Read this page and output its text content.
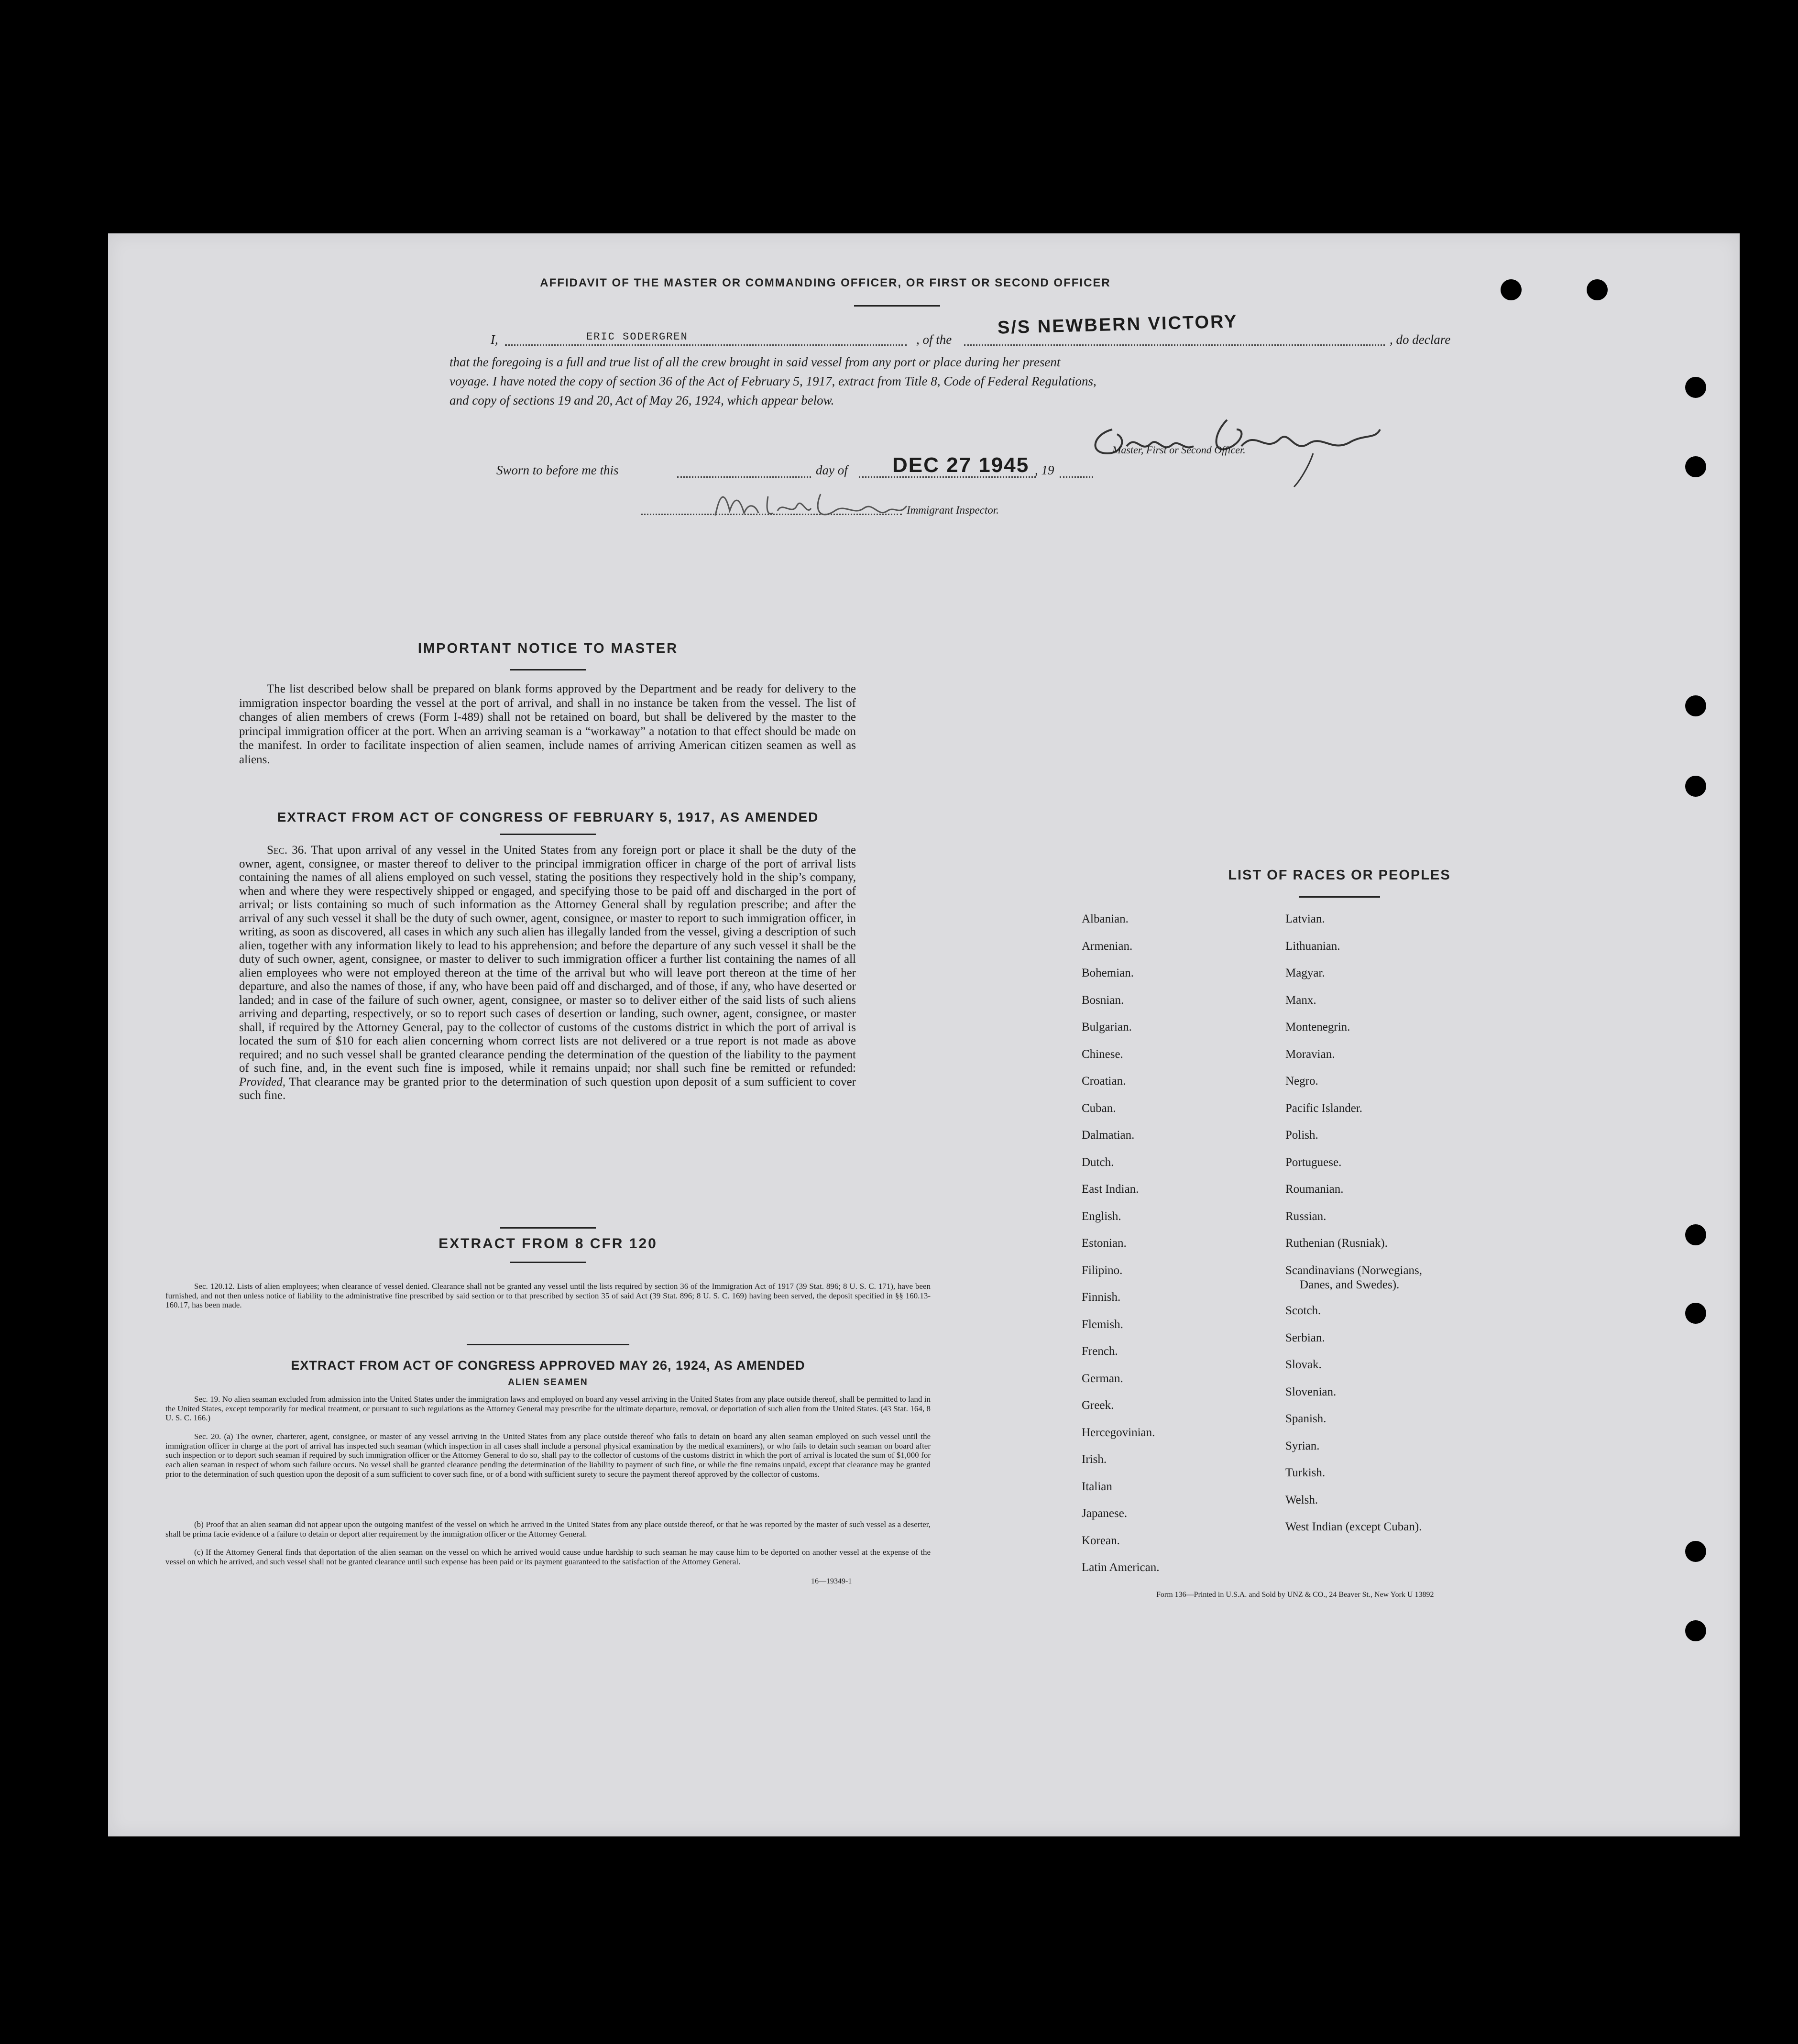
AFFIDAVIT OF THE MASTER OR COMMANDING OFFICER, OR FIRST OR SECOND OFFICER
I,	ERIC SODERGREN	, of the
S/S NEWBERN VICTORY
, do declare
that the foregoing is a full and true list of all the crew brought in said vessel from any port or place during her present
voyage. I have noted the copy of section 36 of the Act of February 5, 1917, extract from Title 8, Code of Federal Regulations,
and copy of sections 19 and 20, Act of May 26, 1924, which appear below.
Master, First or Second Officer.
Sworn to before me this	day of DEC 27 1945 , 19
Immigrant Inspector.
IMPORTANT NOTICE TO MASTER
The list described below shall be prepared on blank forms approved by the Department and be ready for delivery to the immigration inspector boarding the vessel at the port of arrival, and shall in no instance be taken from the vessel. The list of changes of alien members of crews (Form I-489) shall not be retained on board, but shall be delivered by the master to the principal immigration officer at the port. When an arriving seaman is a “workaway” a notation to that effect should be made on the manifest. In order to facilitate inspection of alien seamen, include names of arriving American citizen seamen as well as aliens.
EXTRACT FROM ACT OF CONGRESS OF FEBRUARY 5, 1917, AS AMENDED
Sec. 36. That upon arrival of any vessel in the United States from any foreign port or place it shall be the duty of the owner, agent, consignee, or master thereof to deliver to the principal immigration officer in charge of the port of arrival lists containing the names of all aliens employed on such vessel, stating the positions they respectively hold in the ship’s company, when and where they were respectively shipped or engaged, and specifying those to be paid off and discharged in the port of arrival; or lists containing so much of such information as the Attorney General shall by regulation prescribe; and after the arrival of any such vessel it shall be the duty of such owner, agent, consignee, or master to report to such immigration officer, in writing, as soon as discovered, all cases in which any such alien has illegally landed from the vessel, giving a description of such alien, together with any information likely to lead to his apprehension; and before the departure of any such vessel it shall be the duty of such owner, agent, consignee, or master to deliver to such immigration officer a further list containing the names of all alien employees who were not employed thereon at the time of the arrival but who will leave port thereon at the time of her departure, and also the names of those, if any, who have been paid off and discharged, and of those, if any, who have deserted or landed; and in case of the failure of such owner, agent, consignee, or master so to deliver either of the said lists of such aliens arriving and departing, respectively, or so to report such cases of desertion or landing, such owner, agent, consignee, or master shall, if required by the Attorney General, pay to the collector of customs of the customs district in which the port of arrival is located the sum of $10 for each alien concerning whom correct lists are not delivered or a true report is not made as above required; and no such vessel shall be granted clearance pending the determination of the question of the liability to the payment of such fine, and, in the event such fine is imposed, while it remains unpaid; nor shall such fine be remitted or refunded: Provided, That clearance may be granted prior to the determination of such question upon deposit of a sum sufficient to cover such fine.
EXTRACT FROM 8 CFR 120
Sec. 120.12. Lists of alien employees; when clearance of vessel denied. Clearance shall not be granted any vessel until the lists required by section 36 of the Immigration Act of 1917 (39 Stat. 896; 8 U. S. C. 171), have been furnished, and not then unless notice of liability to the administrative fine prescribed by said section or to that prescribed by section 35 of said Act (39 Stat. 896; 8 U. S. C. 169) having been served, the deposit specified in §§ 160.13-160.17, has been made.
EXTRACT FROM ACT OF CONGRESS APPROVED MAY 26, 1924, AS AMENDED
ALIEN SEAMEN
Sec. 19. No alien seaman excluded from admission into the United States under the immigration laws and employed on board any vessel arriving in the United States from any place outside thereof, shall be permitted to land in the United States, except temporarily for medical treatment, or pursuant to such regulations as the Attorney General may prescribe for the ultimate departure, removal, or deportation of such alien from the United States. (43 Stat. 164, 8 U. S. C. 166.)
Sec. 20. (a) The owner, charterer, agent, consignee, or master of any vessel arriving in the United States from any place outside thereof who fails to detain on board any alien seaman employed on such vessel until the immigration officer in charge at the port of arrival has inspected such seaman (which inspection in all cases shall include a personal physical examination by the medical examiners), or who fails to detain such seaman on board after such inspection or to deport such seaman if required by such immigration officer or the Attorney General to do so, shall pay to the collector of customs of the customs district in which the port of arrival is located the sum of $1,000 for each alien seaman in respect of whom such failure occurs. No vessel shall be granted clearance pending the determination of the liability to payment of such fine, or while the fine remains unpaid, except that clearance may be granted prior to the determination of such question upon the deposit of a sum sufficient to cover such fine, or of a bond with sufficient surety to secure the payment thereof approved by the collector of customs.
(b) Proof that an alien seaman did not appear upon the outgoing manifest of the vessel on which he arrived in the United States from any place outside thereof, or that he was reported by the master of such vessel as a deserter, shall be prima facie evidence of a failure to detain or deport after requirement by the immigration officer or the Attorney General.
(c) If the Attorney General finds that deportation of the alien seaman on the vessel on which he arrived would cause undue hardship to such seaman he may cause him to be deported on another vessel at the expense of the vessel on which he arrived, and such vessel shall not be granted clearance until such expense has been paid or its payment guaranteed to the satisfaction of the Attorney General.
16—19349-1
LIST OF RACES OR PEOPLES
Form 136—Printed in U.S.A. and Sold by UNZ & CO., 24 Beaver St., New York U 13892
Albanian.
Armenian.
Bohemian.
Bosnian.
Bulgarian.
Chinese.
Croatian.
Cuban.
Dalmatian.
Dutch.
East Indian.
English.
Estonian.
Filipino.
Finnish.
Flemish.
French.
German.
Greek.
Hercegovinian.
Irish.
Italian
Japanese.
Korean.
Latin American.
Latvian.
Lithuanian.
Magyar.
Manx.
Montenegrin.
Moravian.
Negro.
Pacific Islander.
Polish.
Portuguese.
Roumanian.
Russian.
Ruthenian (Rusniak).
Scandinavians (Norwegians,
Danes, and Swedes).
Scotch.
Serbian.
Slovak.
Slovenian.
Spanish.
Syrian.
Turkish.
Welsh.
West Indian (except Cuban).
